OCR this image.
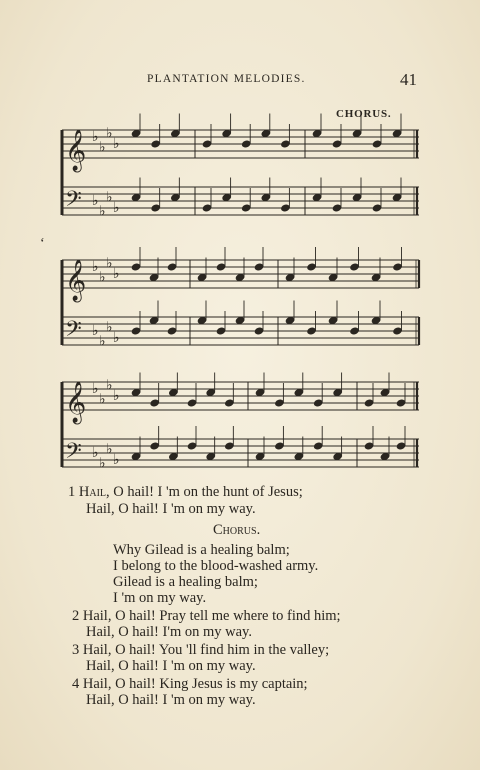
PLANTATION MELODIES.	41
CHORUS.
ʻ
𝄞 ♭
♭
♭
♭
𝄢 ♭
♭
♭
♭
𝄞 ♭
♭
♭
♭
𝄢 ♭
♭
♭
♭
𝄞 ♭
♭
♭
♭
𝄢 ♭
♭
♭
♭
1 Hail, O hail! I 'm on the hunt of Jesus;
Hail, O hail! I 'm on my way.
Chorus.
Why Gilead is a healing balm;
I belong to the blood-washed army.
Gilead is a healing balm;
I 'm on my way.
2 Hail, O hail! Pray tell me where to find him;
Hail, O hail! I'm on my way.
3 Hail, O hail! You 'll find him in the valley;
Hail, O hail! I 'm on my way.
4 Hail, O hail! King Jesus is my captain;
Hail, O hail! I 'm on my way.
